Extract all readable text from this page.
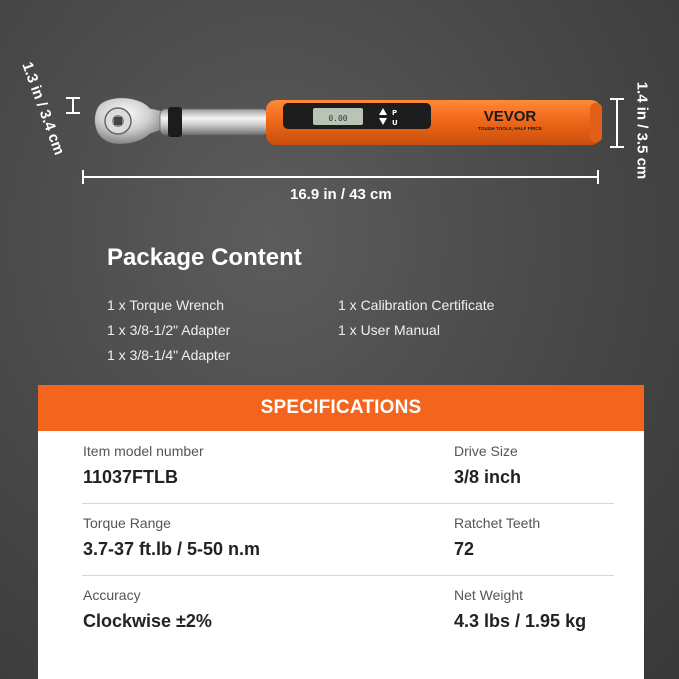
0.00
P
U	VEVOR
TOUGH TOOLS, HALF PRICE
1.3 in / 3.4 cm	1.4 in / 3.5 cm
16.9 in / 43 cm
Package Content
1 x Torque Wrench
1 x 3/8-1/2" Adapter
1 x 3/8-1/4" Adapter
1 x Calibration Certificate
1 x User Manual
SPECIFICATIONS
Item model number
11037FTLB
Drive Size
3/8 inch
Torque Range
3.7-37 ft.lb / 5-50 n.m
Ratchet Teeth
72
Accuracy
Clockwise ±2%
Net Weight
4.3 lbs / 1.95 kg
